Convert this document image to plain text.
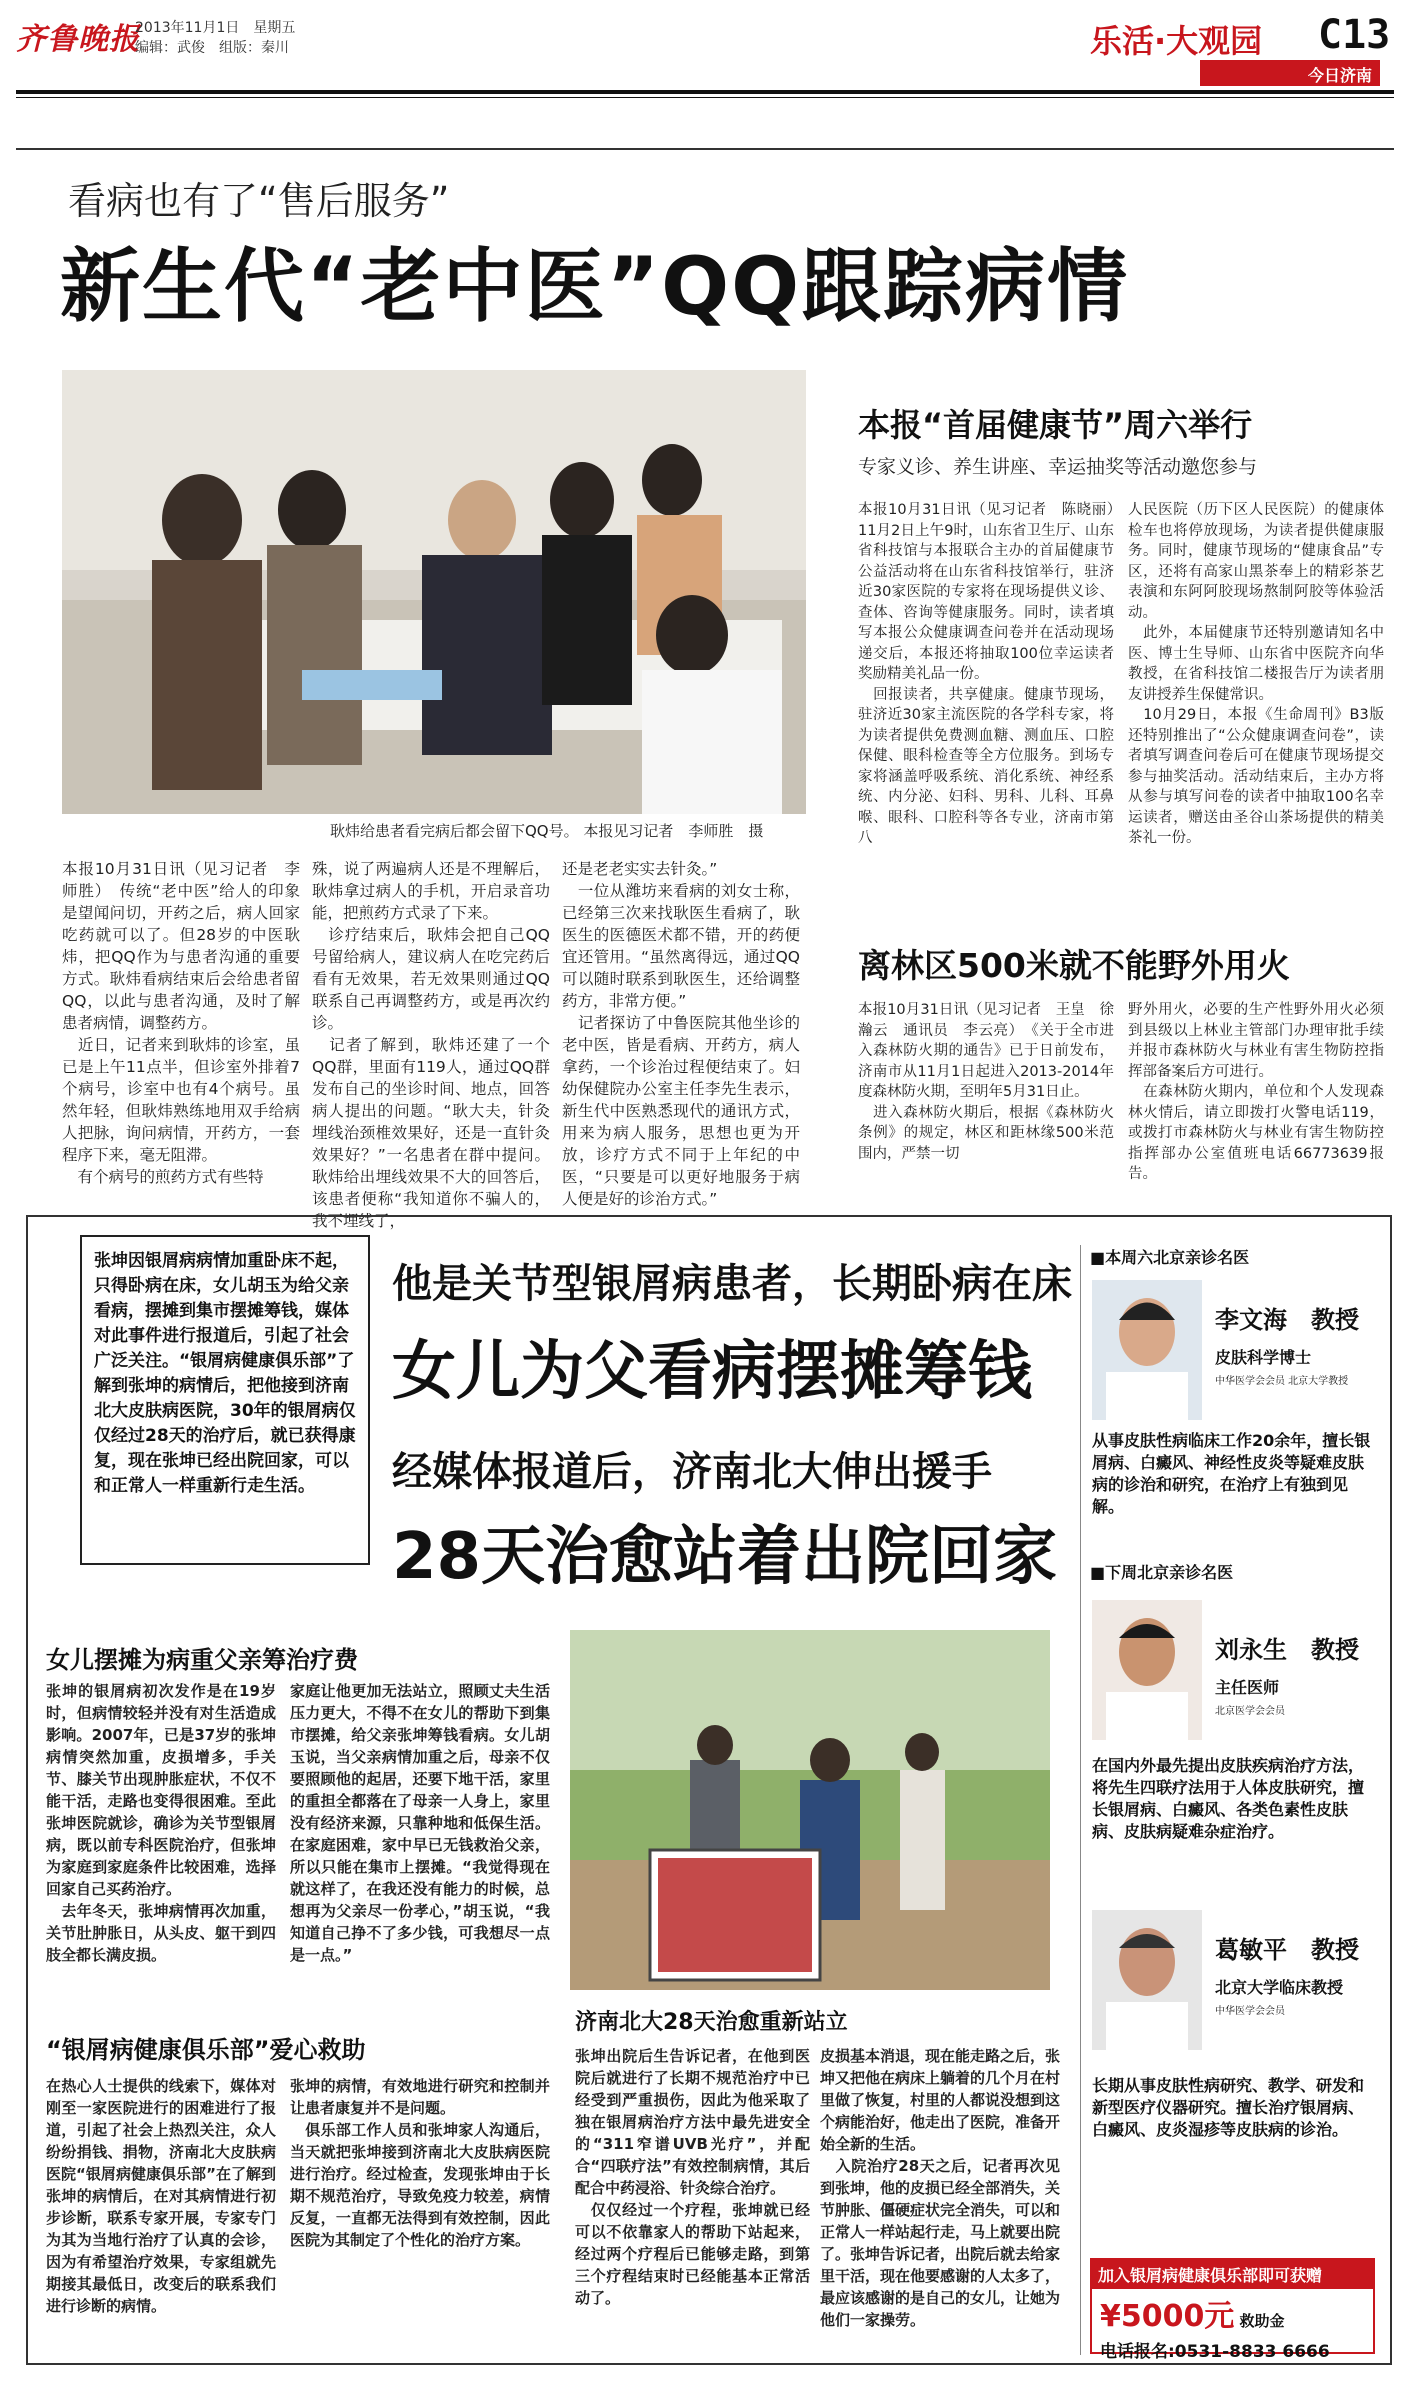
齐鲁晚报
2013年11月1日　星期五
编辑：武俊　组版：秦川	乐活·大观园 C13
今日济南
看病也有了“售后服务”
新生代“老中医”QQ跟踪病情
耿炜给患者看完病后都会留下QQ号。 本报见习记者　李师胜　摄
本报10月31日讯（见习记者　李师胜）　传统“老中医”给人的印象是望闻问切，开药之后，病人回家吃药就可以了。但28岁的中医耿炜，把QQ作为与患者沟通的重要方式。耿炜看病结束后会给患者留QQ，以此与患者沟通，及时了解患者病情，调整药方。
　近日，记者来到耿炜的诊室，虽已是上午11点半，但诊室外排着7个病号，诊室中也有4个病号。虽然年轻，但耿炜熟练地用双手给病人把脉，询问病情，开药方，一套程序下来，毫无阻滞。
　有个病号的煎药方式有些特
殊，说了两遍病人还是不理解后，耿炜拿过病人的手机，开启录音功能，把煎药方式录了下来。
　诊疗结束后，耿炜会把自己QQ号留给病人，建议病人在吃完药后看有无效果，若无效果则通过QQ联系自己再调整药方，或是再次约诊。
　记者了解到，耿炜还建了一个QQ群，里面有119人，通过QQ群发布自己的坐诊时间、地点，回答病人提出的问题。“耿大夫，针灸埋线治颈椎效果好，还是一直针灸效果好？”一名患者在群中提问。耿炜给出埋线效果不大的回答后，该患者便称“我知道你不骗人的，我不埋线了，
还是老老实实去针灸。”
　一位从潍坊来看病的刘女士称，已经第三次来找耿医生看病了，耿医生的医德医术都不错，开的药便宜还管用。“虽然离得远，通过QQ可以随时联系到耿医生，还给调整药方，非常方便。”
　记者探访了中鲁医院其他坐诊的老中医，皆是看病、开药方，病人拿药，一个诊治过程便结束了。妇幼保健院办公室主任李先生表示，新生代中医熟悉现代的通讯方式，用来为病人服务，思想也更为开放，诊疗方式不同于上年纪的中医，“只要是可以更好地服务于病人便是好的诊治方式。”
本报“首届健康节”周六举行
专家义诊、养生讲座、幸运抽奖等活动邀您参与
本报10月31日讯（见习记者　陈晓丽）　11月2日上午9时，山东省卫生厅、山东省科技馆与本报联合主办的首届健康节公益活动将在山东省科技馆举行，驻济近30家医院的专家将在现场提供义诊、查体、咨询等健康服务。同时，读者填写本报公众健康调查问卷并在活动现场递交后，本报还将抽取100位幸运读者奖励精美礼品一份。
　回报读者，共享健康。健康节现场，驻济近30家主流医院的各学科专家，将为读者提供免费测血糖、测血压、口腔保健、眼科检查等全方位服务。到场专家将涵盖呼吸系统、消化系统、神经系统、内分泌、妇科、男科、儿科、耳鼻喉、眼科、口腔科等各专业，济南市第八
人民医院（历下区人民医院）的健康体检车也将停放现场，为读者提供健康服务。同时，健康节现场的“健康食品”专区，还将有高家山黑茶奉上的精彩茶艺表演和东阿阿胶现场熬制阿胶等体验活动。
　此外，本届健康节还特别邀请知名中医、博士生导师、山东省中医院齐向华教授，在省科技馆二楼报告厅为读者朋友讲授养生保健常识。
　10月29日，本报《生命周刊》B3版还特别推出了“公众健康调查问卷”，读者填写调查问卷后可在健康节现场提交参与抽奖活动。活动结束后，主办方将从参与填写问卷的读者中抽取100名幸运读者，赠送由圣谷山茶场提供的精美茶礼一份。
离林区500米就不能野外用火
本报10月31日讯（见习记者　王皇　徐瀚云　通讯员　李云亮）　《关于全市进入森林防火期的通告》已于日前发布，济南市从11月1日起进入2013-2014年度森林防火期，至明年5月31日止。
　进入森林防火期后，根据《森林防火条例》的规定，林区和距林缘500米范围内，严禁一切
野外用火，必要的生产性野外用火必须到县级以上林业主管部门办理审批手续并报市森林防火与林业有害生物防控指挥部备案后方可进行。
　在森林防火期内，单位和个人发现森林火情后，请立即拨打火警电话119，或拨打市森林防火与林业有害生物防控指挥部办公室值班电话66773639报告。
张坤因银屑病病情加重卧床不起，只得卧病在床，女儿胡玉为给父亲看病，摆摊到集市摆摊筹钱，媒体对此事件进行报道后，引起了社会广泛关注。“银屑病健康俱乐部”了解到张坤的病情后，把他接到济南北大皮肤病医院，30年的银屑病仅仅经过28天的治疗后，就已获得康复，现在张坤已经出院回家，可以和正常人一样重新行走生活。
他是关节型银屑病患者，长期卧病在床
女儿为父看病摆摊筹钱
经媒体报道后，济南北大伸出援手
28天治愈站着出院回家
女儿摆摊为病重父亲筹治疗费
张坤的银屑病初次发作是在19岁时，但病情较轻并没有对生活造成影响。2007年，已是37岁的张坤病情突然加重，皮损增多，手关节、膝关节出现肿胀症状，不仅不能干活，走路也变得很困难。至此张坤医院就诊，确诊为关节型银屑病，既以前专科医院治疗，但张坤为家庭到家庭条件比较困难，选择回家自己买药治疗。
　去年冬天，张坤病情再次加重，关节肚肿胀日，从头皮、躯干到四肢全都长满皮损。
家庭让他更加无法站立，照顾丈夫生活压力更大，不得不在女儿的帮助下到集市摆摊，给父亲张坤筹钱看病。女儿胡玉说，当父亲病情加重之后，母亲不仅要照顾他的起居，还要下地干活，家里的重担全都落在了母亲一人身上，家里没有经济来源，只靠种地和低保生活。在家庭困难，家中早已无钱救治父亲，所以只能在集市上摆摊。“我觉得现在就这样了，在我还没有能力的时候，总想再为父亲尽一份孝心，”胡玉说，“我知道自己挣不了多少钱，可我想尽一点是一点。”
“银屑病健康俱乐部”爱心救助
在热心人士提供的线索下，媒体对刚至一家医院进行的困难进行了报道，引起了社会上热烈关注，众人纷纷捐钱、捐物，济南北大皮肤病医院“银屑病健康俱乐部”在了解到张坤的病情后，在对其病情进行初步诊断，联系专家开展，专家专门为其为当地行治疗了认真的会诊，因为有希望治疗效果，专家组就先期接其最低日，改变后的联系我们进行诊断的病情。
张坤的病情，有效地进行研究和控制并让患者康复并不是问题。
　俱乐部工作人员和张坤家人沟通后，当天就把张坤接到济南北大皮肤病医院进行治疗。经过检查，发现张坤由于长期不规范治疗，导致免疫力较差，病情反复，一直都无法得到有效控制，因此医院为其制定了个性化的治疗方案。
济南北大28天治愈重新站立
张坤出院后生告诉记者，在他到医院后就进行了长期不规范治疗中已经受到严重损伤，因此为他采取了独在银屑病治疗方法中最先进安全的“311窄谱UVB光疗”，并配合“四联疗法”有效控制病情，其后配合中药浸浴、针灸综合治疗。
　仅仅经过一个疗程，张坤就已经可以不依靠家人的帮助下站起来，经过两个疗程后已能够走路，到第三个疗程结束时已经能基本正常活动了。
皮损基本消退，现在能走路之后，张坤又把他在病床上躺着的几个月在村里做了恢复，村里的人都说没想到这个病能治好，他走出了医院，准备开始全新的生活。
　入院治疗28天之后，记者再次见到张坤，他的皮损已经全部消失，关节肿胀、僵硬症状完全消失，可以和正常人一样站起行走，马上就要出院了。张坤告诉记者，出院后就去给家里干活，现在他要感谢的人太多了，最应该感谢的是自己的女儿，让她为他们一家操劳。
■本周六北京亲诊名医
李文海　教授
皮肤科学博士
中华医学会会员 北京大学教授
从事皮肤性病临床工作20余年，擅长银屑病、白癜风、神经性皮炎等疑难皮肤病的诊治和研究，在治疗上有独到见解。
■下周北京亲诊名医
刘永生　教授
主任医师
北京医学会会员
在国内外最先提出皮肤疾病治疗方法，将先生四联疗法用于人体皮肤研究，擅长银屑病、白癜风、各类色素性皮肤病、皮肤病疑难杂症治疗。
葛敏平　教授
北京大学临床教授
中华医学会会员
长期从事皮肤性病研究、教学、研发和新型医疗仪器研究。擅长治疗银屑病、白癜风、皮炎湿疹等皮肤病的诊治。
加入银屑病健康俱乐部即可获赠
¥5000元 救助金
电话报名:0531-8833 6666
